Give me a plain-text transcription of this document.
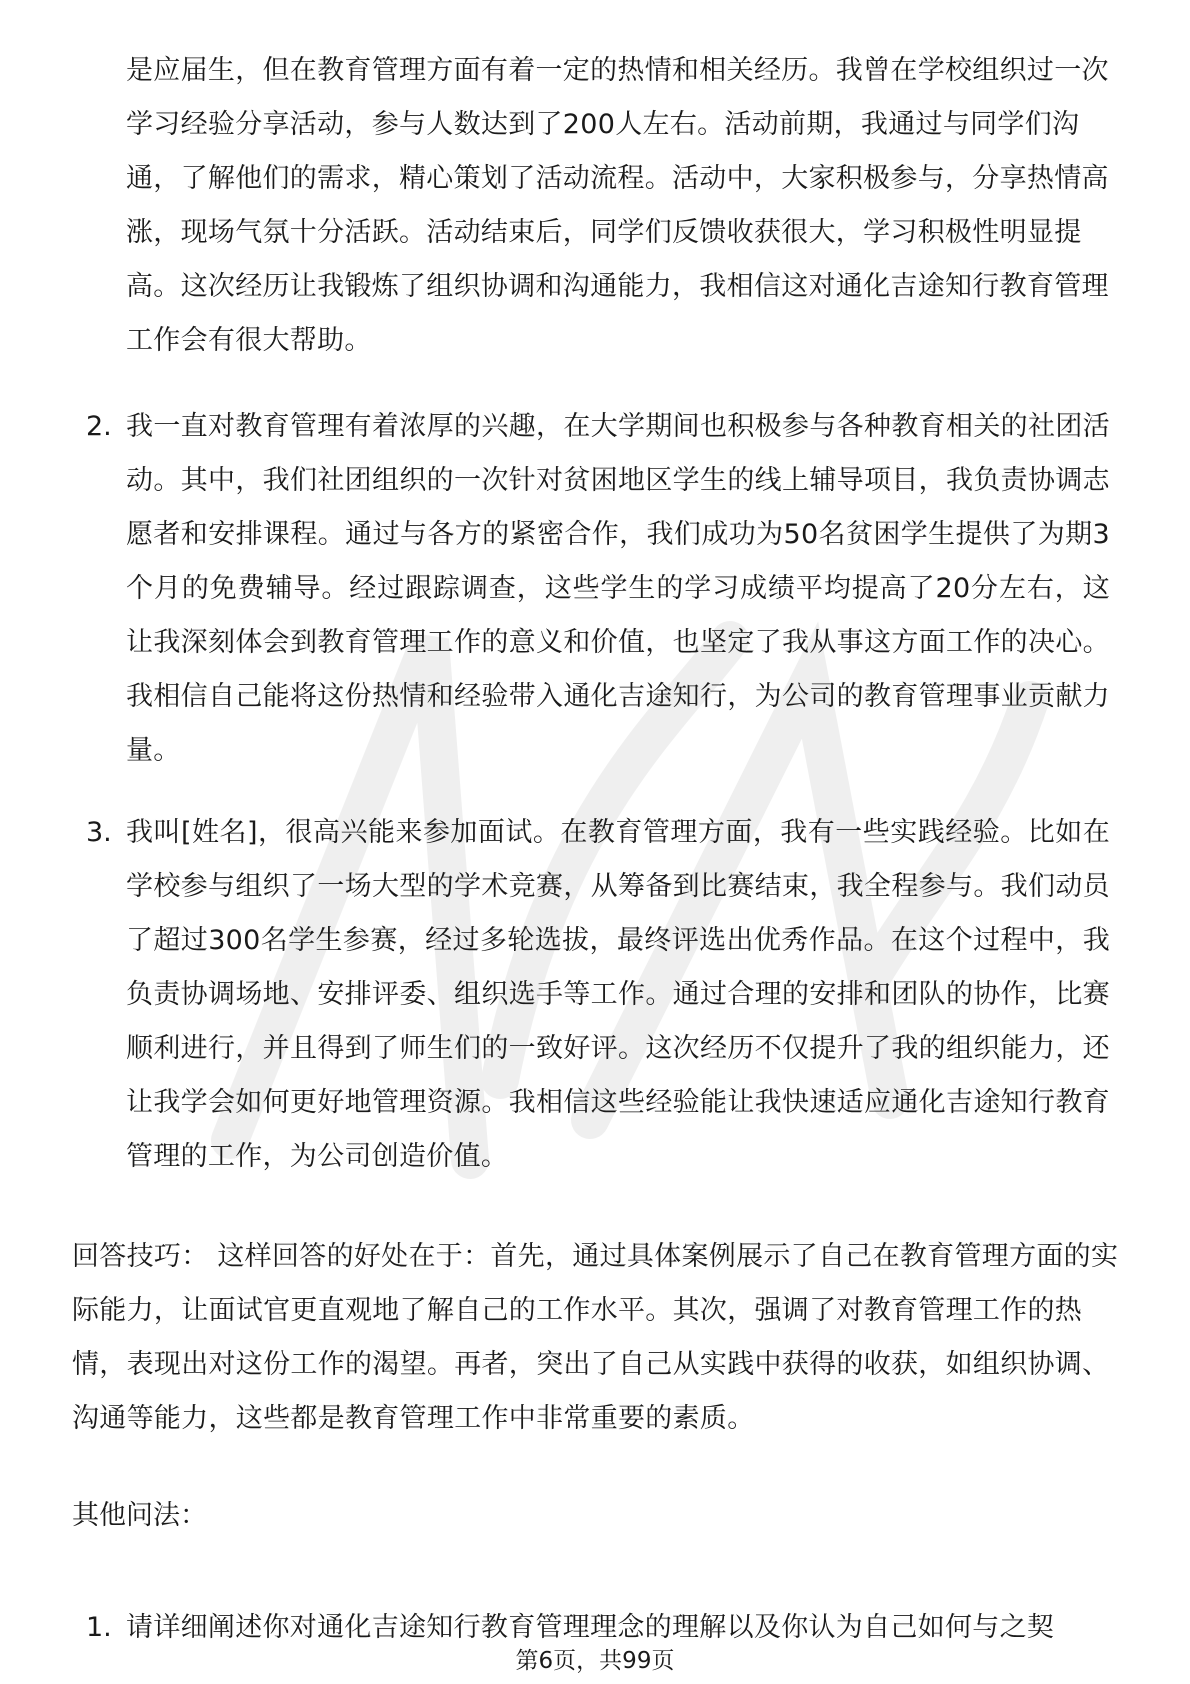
是应届生，但在教育管理方面有着一定的热情和相关经历。我曾在学校组织过一次学习经验分享活动，参与人数达到了200人左右。活动前期，我通过与同学们沟通，了解他们的需求，精心策划了活动流程。活动中，大家积极参与，分享热情高涨，现场气氛十分活跃。活动结束后，同学们反馈收获很大，学习积极性明显提高。这次经历让我锻炼了组织协调和沟通能力，我相信这对通化吉途知行教育管理工作会有很大帮助。
2. 我一直对教育管理有着浓厚的兴趣，在大学期间也积极参与各种教育相关的社团活动。其中，我们社团组织的一次针对贫困地区学生的线上辅导项目，我负责协调志愿者和安排课程。通过与各方的紧密合作，我们成功为50名贫困学生提供了为期3个月的免费辅导。经过跟踪调查，这些学生的学习成绩平均提高了20分左右，这让我深刻体会到教育管理工作的意义和价值，也坚定了我从事这方面工作的决心。我相信自己能将这份热情和经验带入通化吉途知行，为公司的教育管理事业贡献力量。
3. 我叫[姓名]，很高兴能来参加面试。在教育管理方面，我有一些实践经验。比如在学校参与组织了一场大型的学术竞赛，从筹备到比赛结束，我全程参与。我们动员了超过300名学生参赛，经过多轮选拔，最终评选出优秀作品。在这个过程中，我负责协调场地、安排评委、组织选手等工作。通过合理的安排和团队的协作，比赛顺利进行，并且得到了师生们的一致好评。这次经历不仅提升了我的组织能力，还让我学会如何更好地管理资源。我相信这些经验能让我快速适应通化吉途知行教育管理的工作，为公司创造价值。
回答技巧： 这样回答的好处在于：首先，通过具体案例展示了自己在教育管理方面的实际能力，让面试官更直观地了解自己的工作水平。其次，强调了对教育管理工作的热情，表现出对这份工作的渴望。再者，突出了自己从实践中获得的收获，如组织协调、沟通等能力，这些都是教育管理工作中非常重要的素质。
其他问法：
1. 请详细阐述你对通化吉途知行教育管理理念的理解以及你认为自己如何与之契
第6页，共99页
